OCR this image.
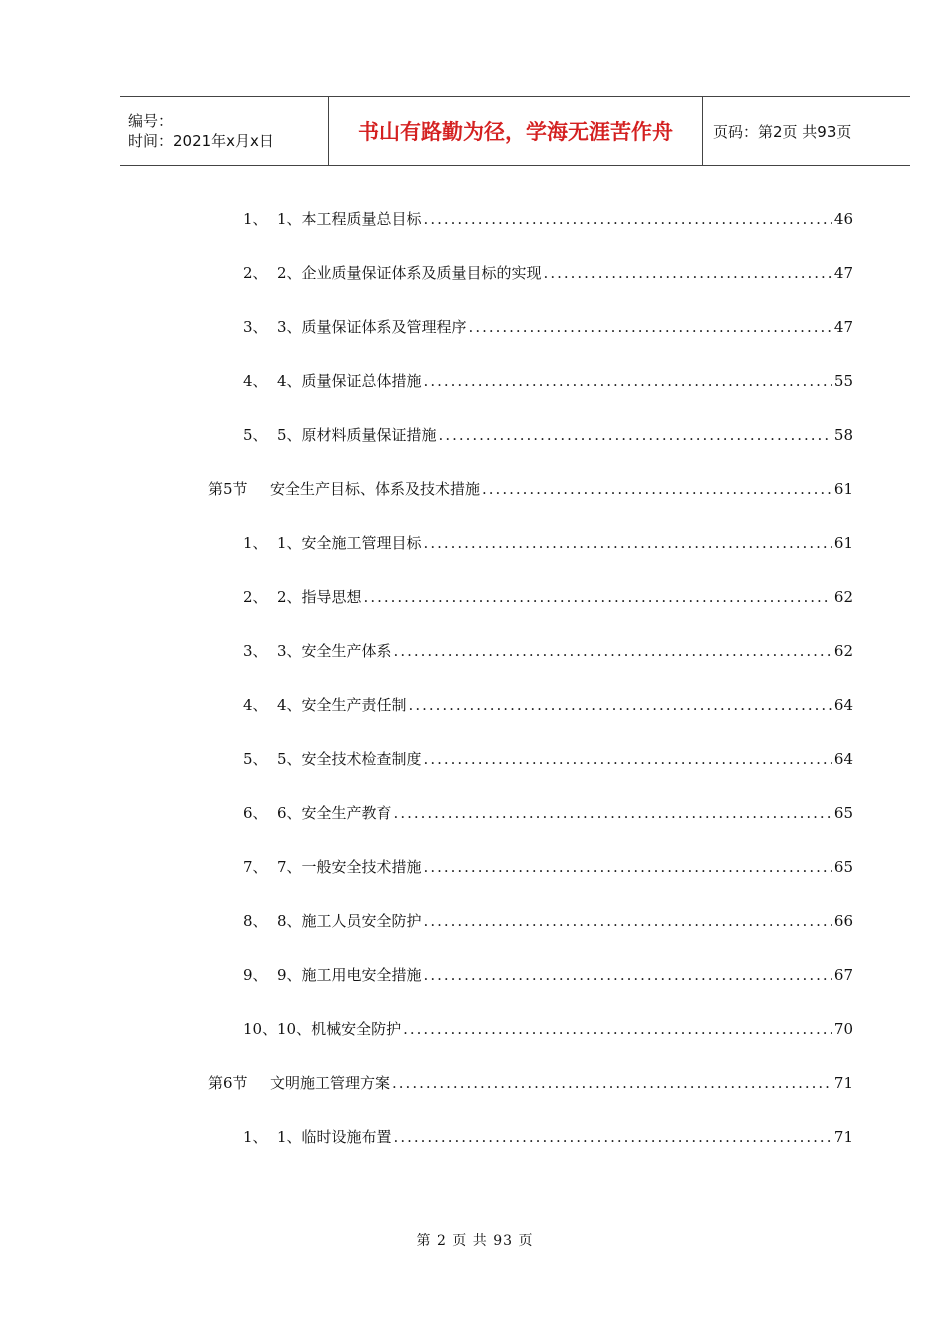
编号：
时间：2021年x月x日	书山有路勤为径，学海无涯苦作舟	页码：第2页 共93页
1、 1、本工程质量总目标 .....	46
2、 2、企业质量保证体系及质量目标的实现 .....	47
3、 3、质量保证体系及管理程序 .....	47
4、 4、质量保证总体措施 .....	55
5、 5、原材料质量保证措施 .....	58
第5节	安全生产目标、体系及技术措施 .....	61
1、 1、安全施工管理目标 .....	61
2、 2、指导思想 .....	62
3、 3、安全生产体系 .....	62
4、 4、安全生产责任制 .....	64
5、 5、安全技术检查制度 .....	64
6、 6、安全生产教育 .....	65
7、 7、一般安全技术措施 .....	65
8、 8、施工人员安全防护 .....	66
9、 9、施工用电安全措施 .....	67
10、 10、机械安全防护 .....	70
第6节	文明施工管理方案 .....	71
1、 1、临时设施布置 .....	71
第 2 页 共 93 页
